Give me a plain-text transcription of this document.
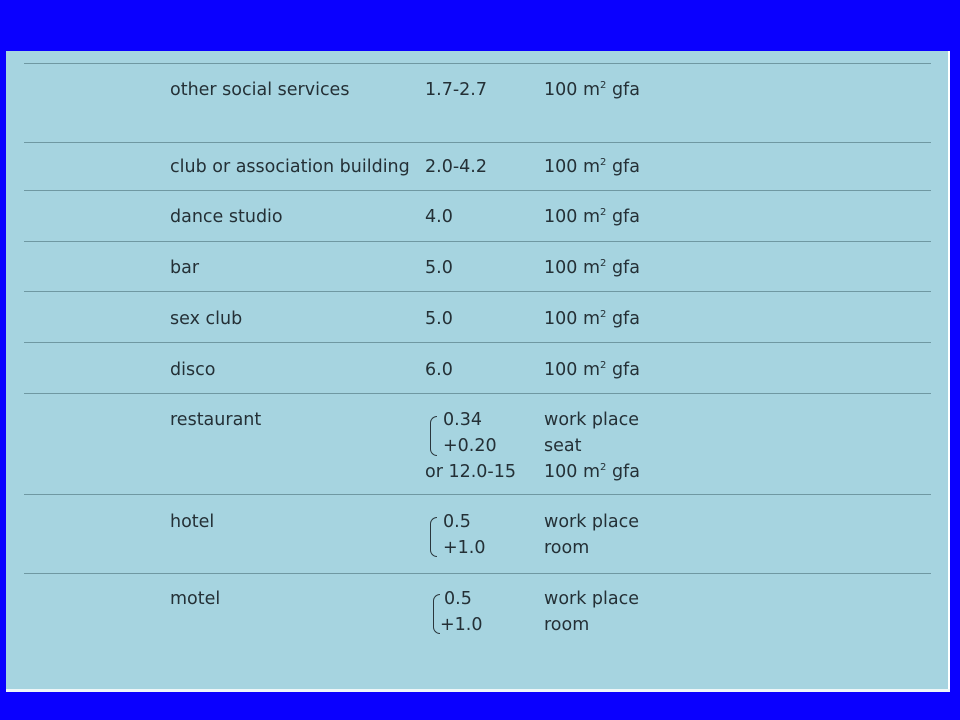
other social services	1.7-2.7	100 $m^2$ gfa
club or association building 2.0-4.2	100 $m^2$ gfa
dance studio	4.0	100 $m^2$ gfa
bar	5.0	100 $m^2$ gfa
sex club	5.0	100 $m^2$ gfa
disco	6.0	100 $m^2$ gfa
restaurant	0.34	work place
+0.20	seat
or 12.0-15 100 $m^2$ gfa
hotel	0.5	work place
+1.0	room
motel	0.5	work place
+1.0	room
